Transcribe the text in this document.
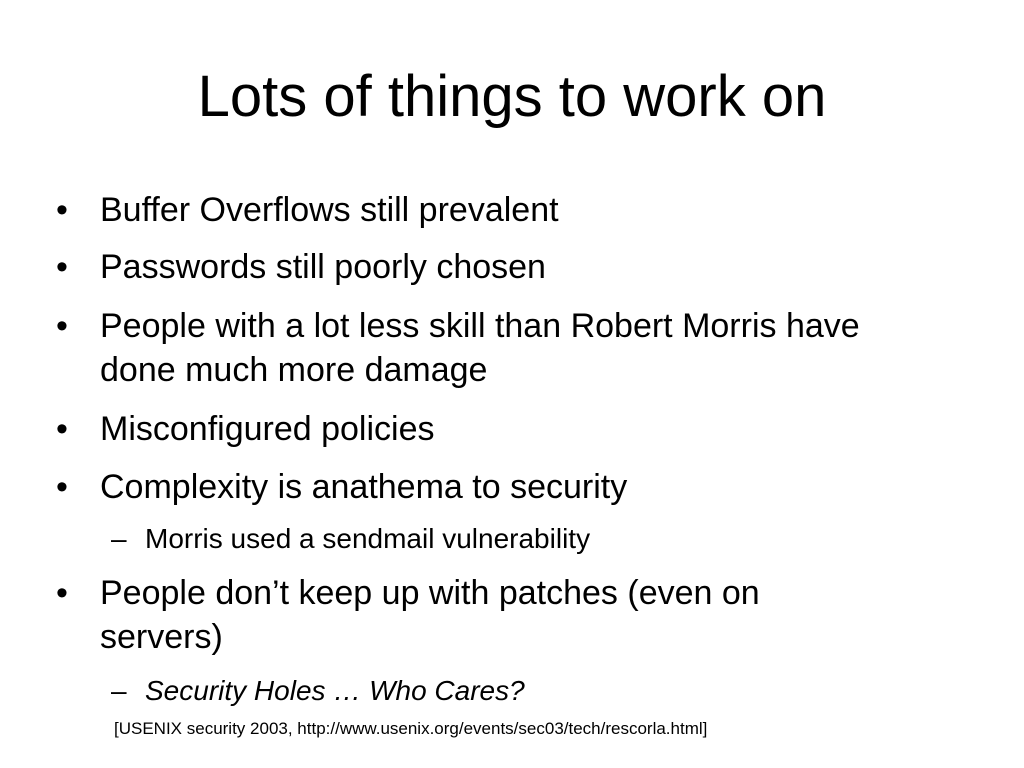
Lots of things to work on
• Buffer Overflows still prevalent
• Passwords still poorly chosen
• People with a lot less skill than Robert Morris have done much more damage
• Misconfigured policies
• Complexity is anathema to security
– Morris used a sendmail vulnerability
• People don’t keep up with patches (even on servers)
– Security Holes … Who Cares?
[USENIX security 2003, http://www.usenix.org/events/sec03/tech/rescorla.html]
